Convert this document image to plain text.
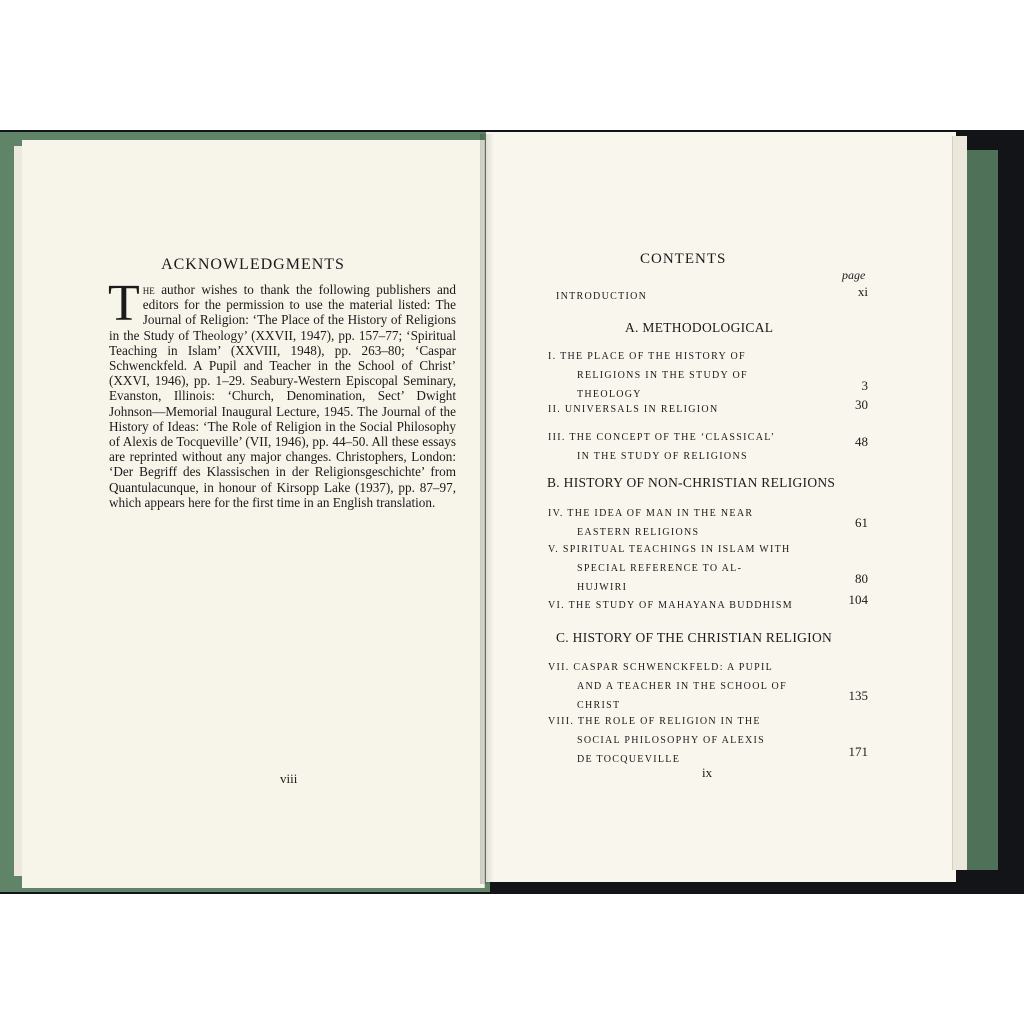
ACKNOWLEDGMENTS
The author wishes to thank the following publishers and editors for the permission to use the material listed: The Journal of Religion: ‘The Place of the History of Religions in the Study of Theology’ (XXVII, 1947), pp. 157–77; ‘Spiritual Teaching in Islam’ (XXVIII, 1948), pp. 263–80; ‘Caspar Schwenckfeld. A Pupil and Teacher in the School of Christ’ (XXVI, 1946), pp. 1–29. Seabury-Western Episcopal Seminary, Evanston, Illinois: ‘Church, Denomination, Sect’ Dwight Johnson—Memorial Inaugural Lecture, 1945. The Journal of the History of Ideas: ‘The Role of Religion in the Social Philosophy of Alexis de Tocqueville’ (VII, 1946), pp. 44–50. All these essays are reprinted without any major changes. Christophers, London: ‘Der Begriff des Klassischen in der Religionsgeschichte’ from Quantulacunque, in honour of Kirsopp Lake (1937), pp. 87–97, which appears here for the first time in an English translation.
viii
CONTENTS
page
INTRODUCTION	xi
A. METHODOLOGICAL
I. THE PLACE OF THE HISTORY OF
RELIGIONS IN THE STUDY OF
THEOLOGY
3
II. UNIVERSALS IN RELIGION	30
III. THE CONCEPT OF THE ‘CLASSICAL’
IN THE STUDY OF RELIGIONS
48
B. HISTORY OF NON-CHRISTIAN RELIGIONS
IV. THE IDEA OF MAN IN THE NEAR
EASTERN RELIGIONS
61
V. SPIRITUAL TEACHINGS IN ISLAM WITH
SPECIAL REFERENCE TO AL-
HUJWIRI
80
VI. THE STUDY OF MAHAYANA BUDDHISM	104
C. HISTORY OF THE CHRISTIAN RELIGION
VII. CASPAR SCHWENCKFELD: A PUPIL
AND A TEACHER IN THE SCHOOL OF
CHRIST
135
VIII. THE ROLE OF RELIGION IN THE
SOCIAL PHILOSOPHY OF ALEXIS
DE TOCQUEVILLE
171
ix
